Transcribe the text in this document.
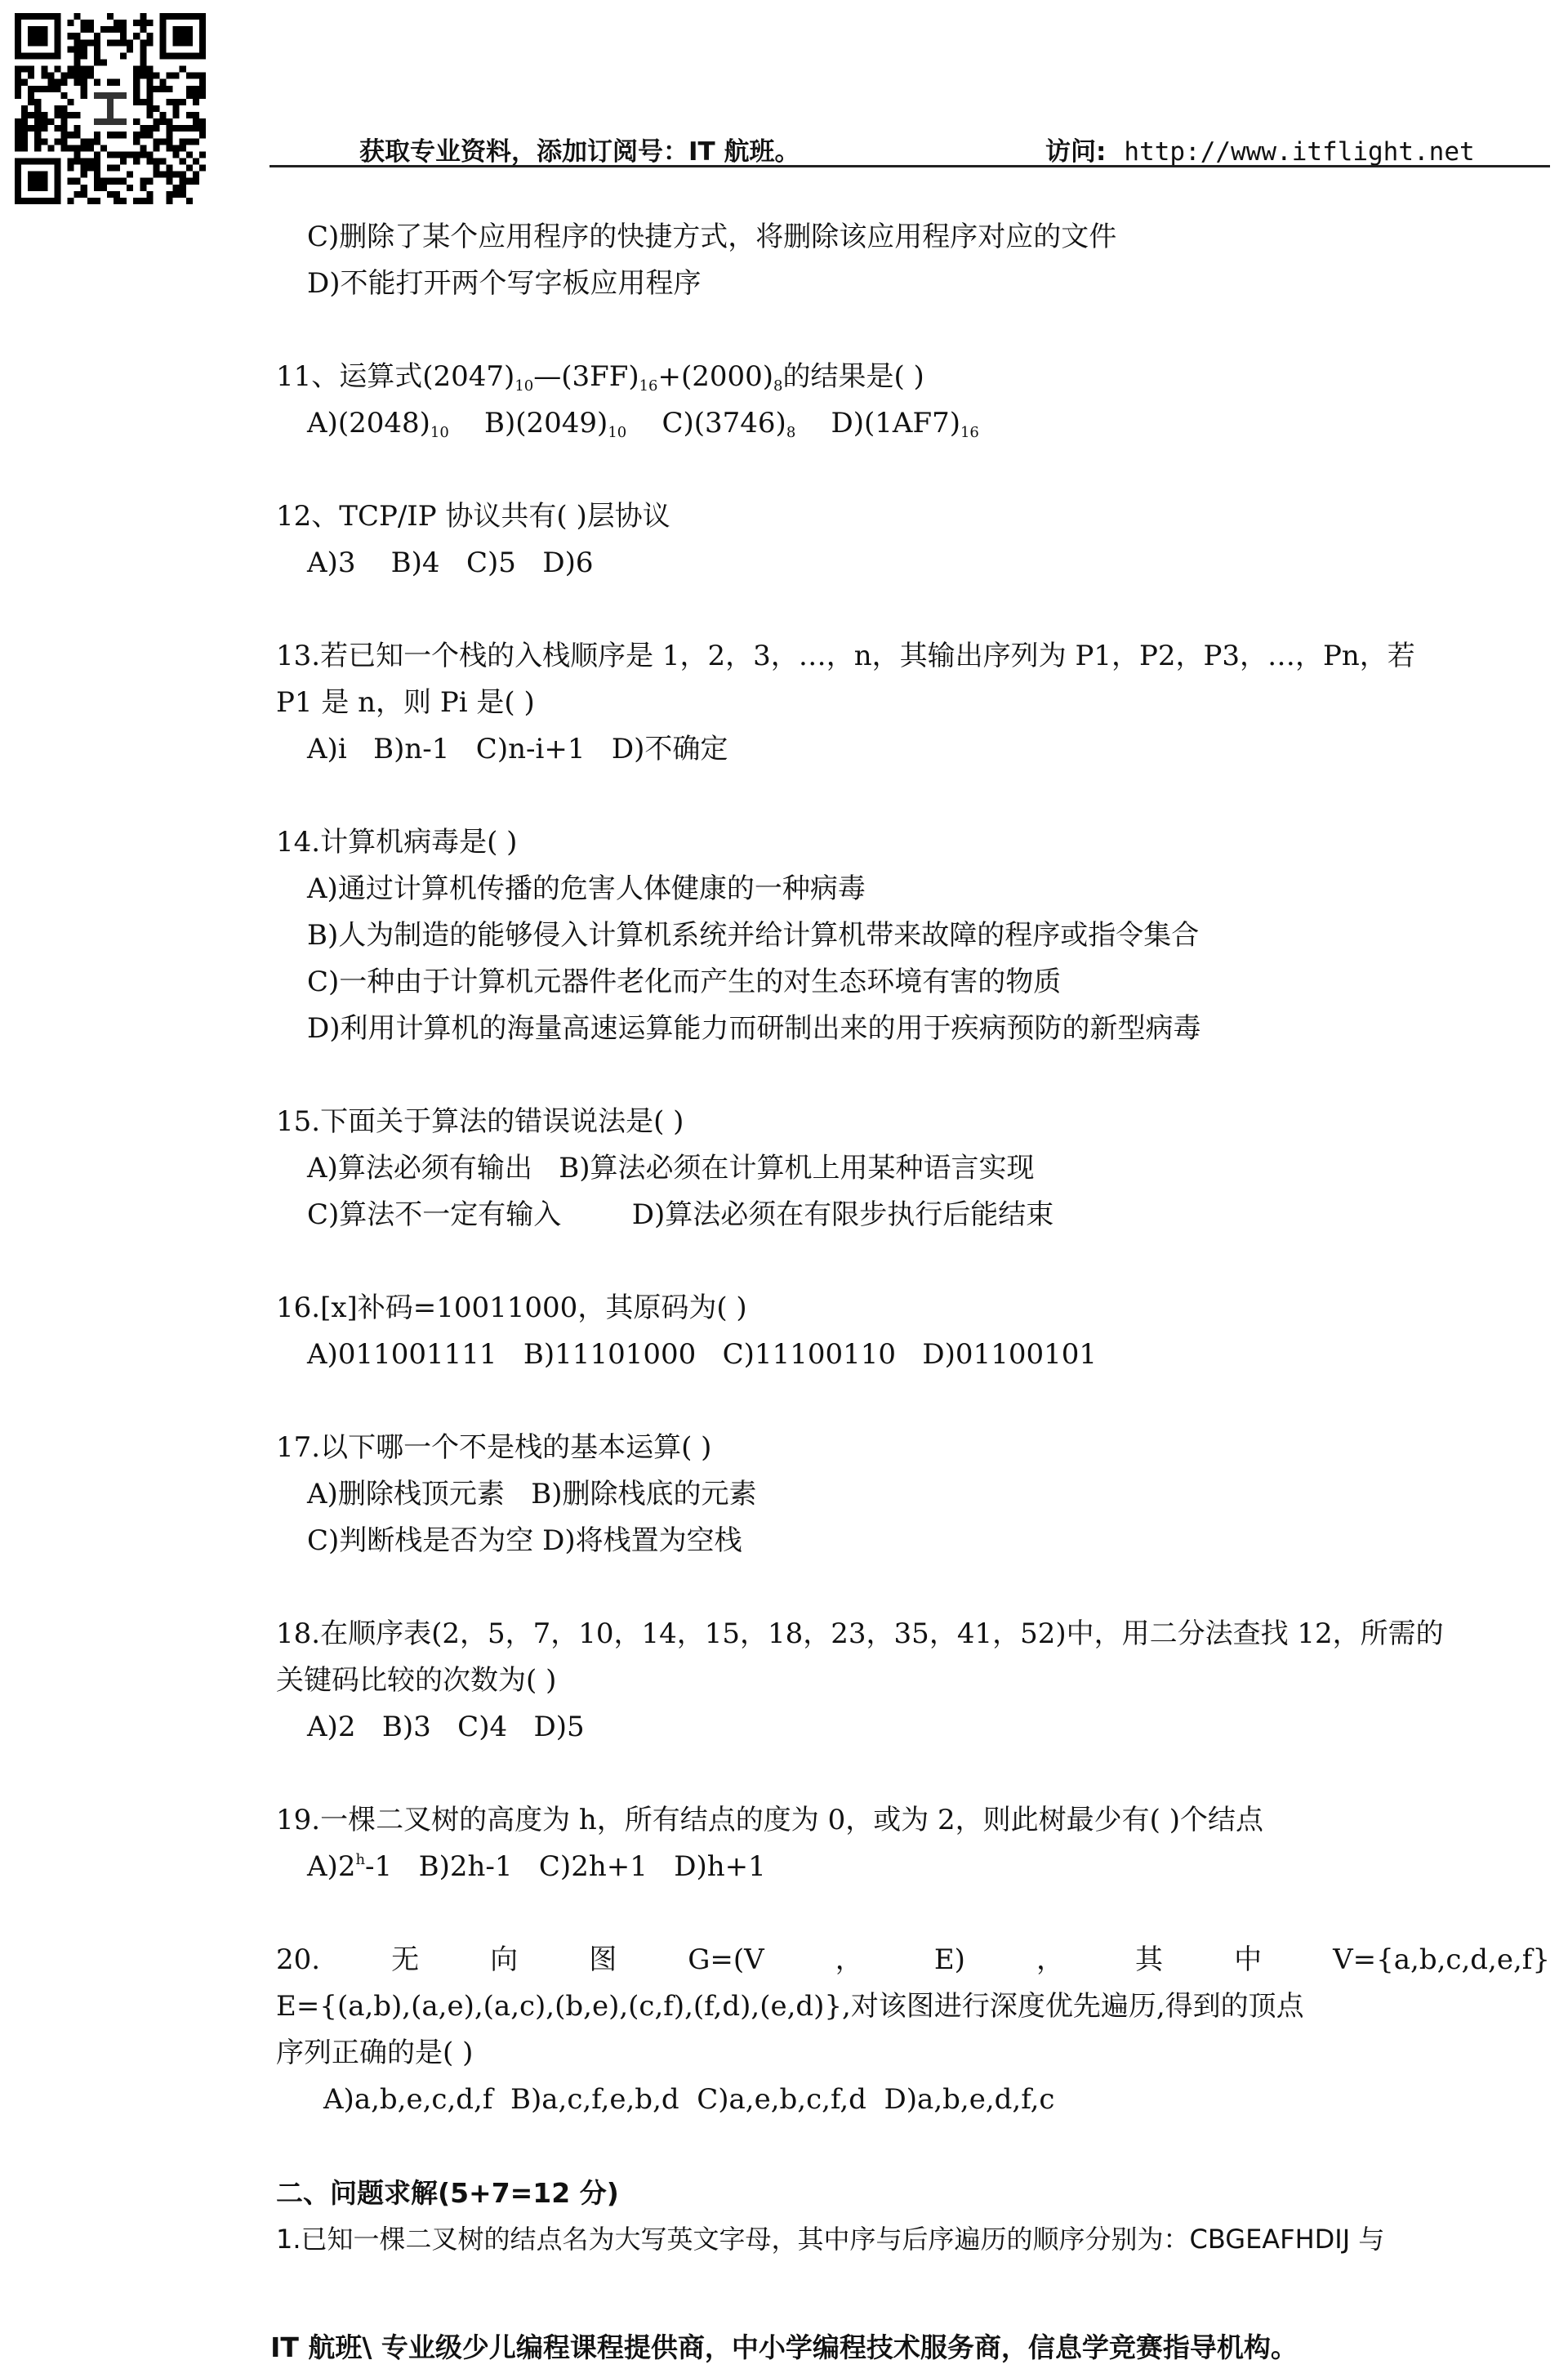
获取专业资料，添加订阅号：IT 航班。	访问: http://www.itflight.net
C)删除了某个应用程序的快捷方式，将删除该应用程序对应的文件
D)不能打开两个写字板应用程序
11、运算式$(2047)_{10}—(3FF)_{16}+(2000)_8$的结果是( )
$A)(2048)_{10}$ $B)(2049)_{10}$ $C)(3746)_8$ $D)(1AF7)_{16}$
12、TCP/IP 协议共有( )层协议
A)3    B)4   C)5   D)6
13.若已知一个栈的入栈顺序是 1，2，3，…，n，其输出序列为 P1，P2，P3，…，Pn，若
P1 是 n，则 Pi 是( )
A)i   B)n-1   C)n-i+1   D)不确定
14.计算机病毒是( )
A)通过计算机传播的危害人体健康的一种病毒
B)人为制造的能够侵入计算机系统并给计算机带来故障的程序或指令集合
C)一种由于计算机元器件老化而产生的对生态环境有害的物质
D)利用计算机的海量高速运算能力而研制出来的用于疾病预防的新型病毒
15.下面关于算法的错误说法是( )
A)算法必须有输出   B)算法必须在计算机上用某种语言实现
C)算法不一定有输入        D)算法必须在有限步执行后能结束
16.[x]补码=10011000，其原码为( )
A)011001111   B)11101000   C)11100110   D)01100101
17.以下哪一个不是栈的基本运算( )
A)删除栈顶元素   B)删除栈底的元素
C)判断栈是否为空 D)将栈置为空栈
18.在顺序表(2，5，7，10，14，15，18，23，35，41，52)中，用二分法查找 12，所需的
关键码比较的次数为( )
A)2   B)3   C)4   D)5
19.一棵二叉树的高度为 h，所有结点的度为 0，或为 2，则此树最少有( )个结点
A)2$^h$-1   B)2h-1   C)2h+1   D)h+1
20.	无	向	图	G=(V	，	E)	，	其	中	V={a,b,c,d,e,f}
E={(a,b),(a,e),(a,c),(b,e),(c,f),(f,d),(e,d)},对该图进行深度优先遍历,得到的顶点
序列正确的是( )
A)a,b,e,c,d,f  B)a,c,f,e,b,d  C)a,e,b,c,f,d  D)a,b,e,d,f,c
二、问题求解(5+7=12 分)
1.已知一棵二叉树的结点名为大写英文字母，其中序与后序遍历的顺序分别为：CBGEAFHDIJ 与
IT 航班\ 专业级少儿编程课程提供商，中小学编程技术服务商，信息学竞赛指导机构。
